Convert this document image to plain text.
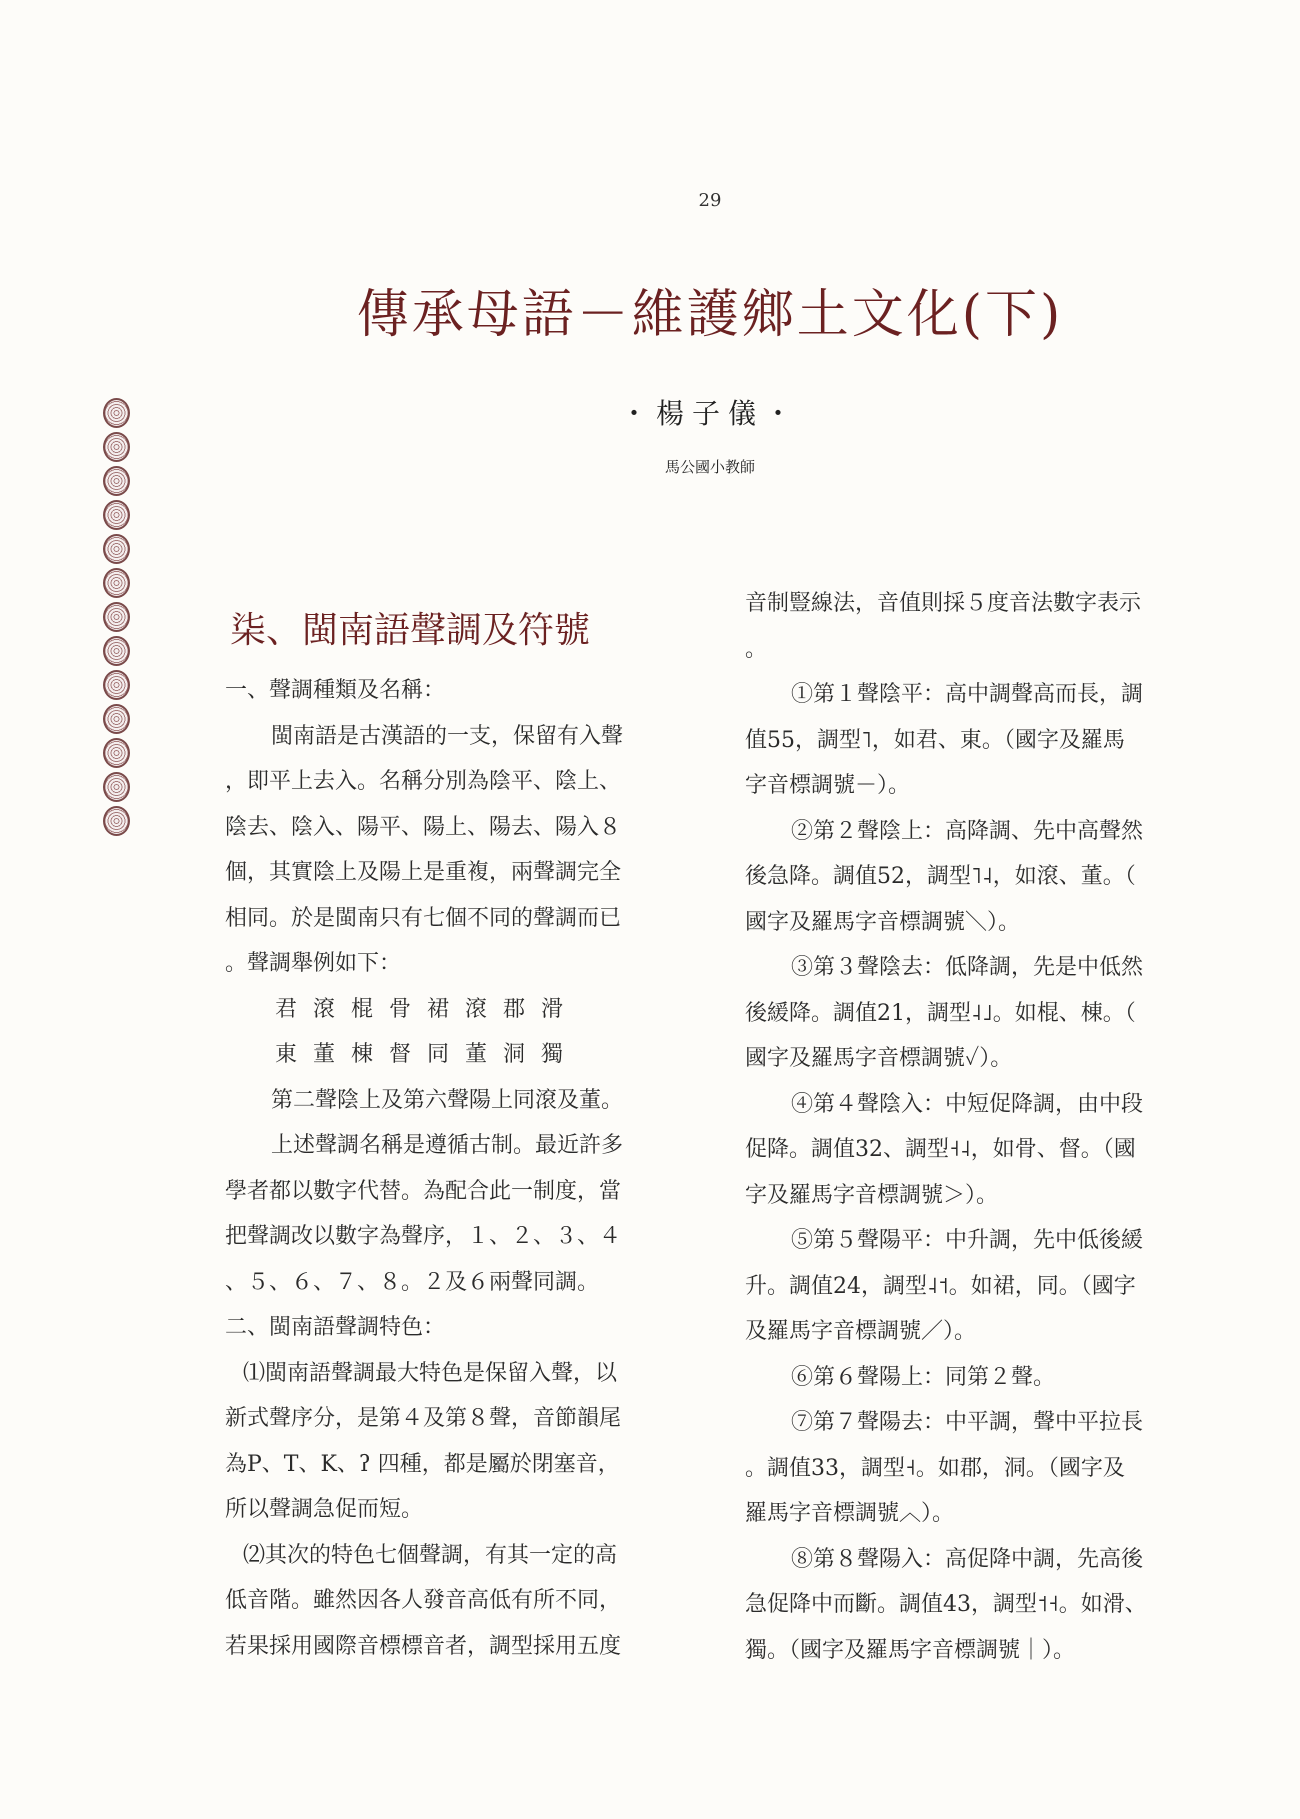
29
傳承母語－維護鄉土文化(下)
・楊子儀・
馬公國小教師
柒、閩南語聲調及符號
一、聲調種類及名稱：
閩南語是古漢語的一支，保留有入聲
，即平上去入。名稱分別為陰平、陰上、
陰去、陰入、陽平、陽上、陽去、陽入８
個，其實陰上及陽上是重複，兩聲調完全
相同。於是閩南只有七個不同的聲調而已
。聲調舉例如下：
君滾棍骨裙滾郡滑
東董棟督同董洞獨
第二聲陰上及第六聲陽上同滾及董。
上述聲調名稱是遵循古制。最近許多
學者都以數字代替。為配合此一制度，當
把聲調改以數字為聲序，１、２、３、４
、５、６、７、８。２及６兩聲同調。
二、閩南語聲調特色：
⑴閩南語聲調最大特色是保留入聲，以
新式聲序分，是第４及第８聲，音節韻尾
為P、T、K、ʔ 四種，都是屬於閉塞音，
所以聲調急促而短。
⑵其次的特色七個聲調，有其一定的高
低音階。雖然因各人發音高低有所不同，
若果採用國際音標標音者，調型採用五度
音制豎線法，音值則採５度音法數字表示
。
①第１聲陰平：高中調聲高而長，調
值55，調型˥，如君、東。（國字及羅馬
字音標調號－）。
②第２聲陰上：高降調、先中高聲然
後急降。調值52，調型˥˨，如滾、董。（
國字及羅馬字音標調號＼）。
③第３聲陰去：低降調，先是中低然
後緩降。調值21，調型˨˩。如棍、棟。（
國字及羅馬字音標調號✓）。
④第４聲陰入：中短促降調，由中段
促降。調值32、調型˧˨，如骨、督。（國
字及羅馬字音標調號＞）。
⑤第５聲陽平：中升調，先中低後緩
升。調值24，調型˨˦。如裙，同。（國字
及羅馬字音標調號／）。
⑥第６聲陽上：同第２聲。
⑦第７聲陽去：中平調，聲中平拉長
。調值33，調型˧。如郡，洞。（國字及
羅馬字音標調號︿）。
⑧第８聲陽入：高促降中調，先高後
急促降中而斷。調值43，調型˦˧。如滑、
獨。（國字及羅馬字音標調號｜）。
